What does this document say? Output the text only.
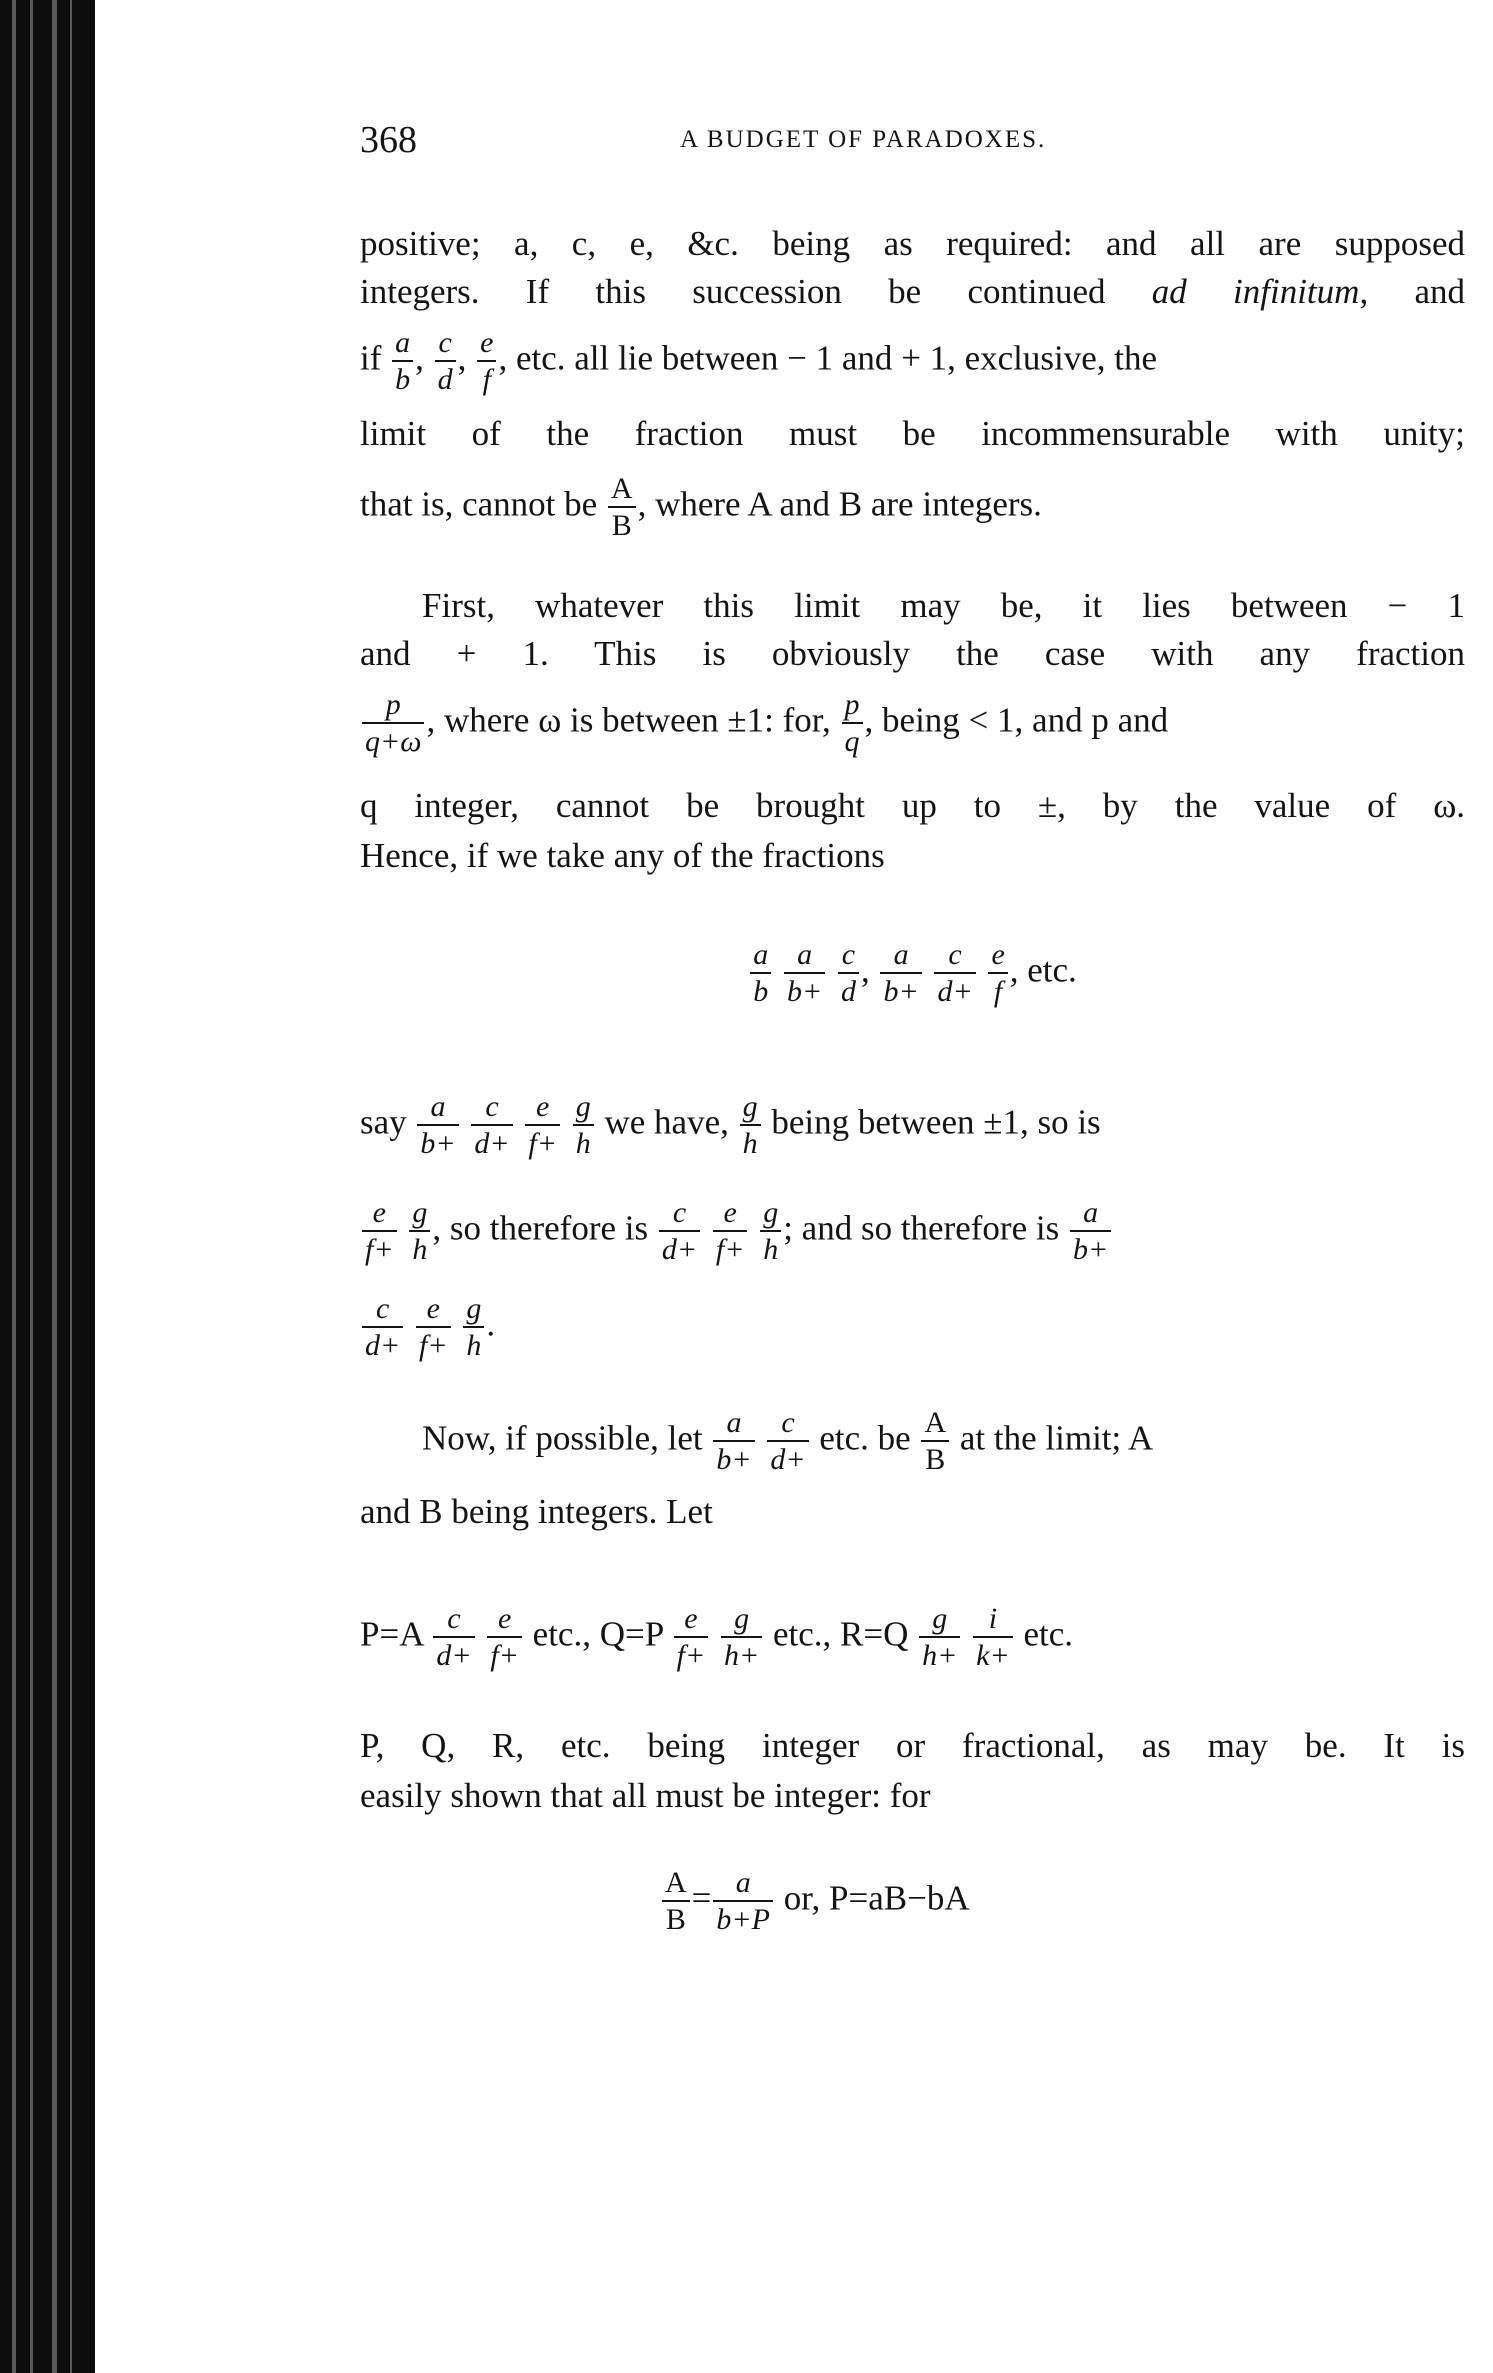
368	A BUDGET OF PARADOXES.
positive; a, c, e, &c. being as required: and all are supposed
integers. If this succession be continued ad infinitum, and
if $\frac{a}{b}$ , $\frac{c}{d}$ , $\frac{e}{f}$ , etc. all lie between − 1 and + 1, exclusive, the
limit of the fraction must be incommensurable with unity;
that is, cannot be $\frac{A}{B}$ , where A and B are integers.
First, whatever this limit may be, it lies between − 1
and + 1. This is obviously the case with any fraction
$\frac{p}{q+\omega}$ , where ω is between ±1: for, $\frac{p}{q}$ , being < 1, and p and
q integer, cannot be brought up to ±, by the value of ω.
Hence, if we take any of the fractions
$\frac{a}{b}$
$\frac{a}{b+}$
$\frac{c}{d}$ , $\frac{a}{b+}$
$\frac{c}{d+}$
$\frac{e}{f}$ , etc.
say $\frac{a}{b+}$
$\frac{c}{d+}$
$\frac{e}{f+}$
$\frac{g}{h}$ we have, $\frac{g}{h}$ being between ±1, so is
$\frac{e}{f+}$
$\frac{g}{h}$ , so therefore is $\frac{c}{d+}$
$\frac{e}{f+}$
$\frac{g}{h}$ ; and so therefore is $\frac{a}{b+}$
$\frac{c}{d+}$
$\frac{e}{f+}$
$\frac{g}{h}$ .
Now, if possible, let $\frac{a}{b+}$
$\frac{c}{d+}$ etc. be $\frac{A}{B}$ at the limit; A
and B being integers. Let
$P=A \frac{c}{d+}$
$\frac{e}{f+}$ etc., $Q=P \frac{e}{f+}$
$\frac{g}{h+}$ etc., $R=Q \frac{g}{h+}$
$\frac{i}{k+}$ etc.
P, Q, R, etc. being integer or fractional, as may be. It is
easily shown that all must be integer: for
$\frac{A}{B} = \frac{a}{b+P}$ or, P=aB−bA
